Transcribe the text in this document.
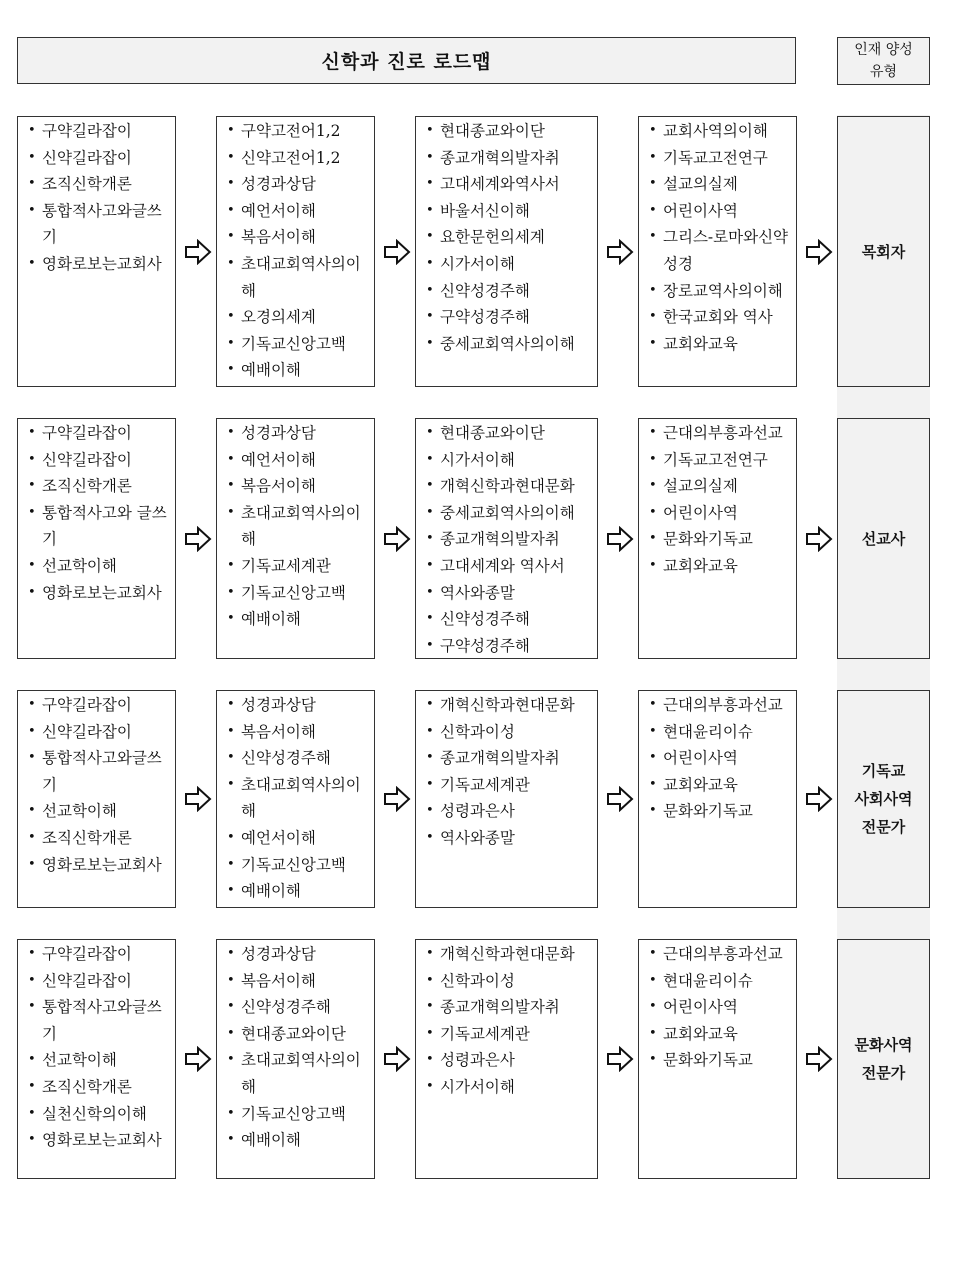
신학과 진로 로드맵
인재 양성
유형
• 구약길라잡이
• 신약길라잡이
• 조직신학개론
• 통합적사고와글쓰기
• 영화로보는교회사
• 구약고전어1,2
• 신약고전어1,2
• 성경과상담
• 예언서이해
• 복음서이해
• 초대교회역사의이해
• 오경의세계
• 기독교신앙고백
• 예배이해
• 현대종교와이단
• 종교개혁의발자취
• 고대세계와역사서
• 바울서신이해
• 요한문헌의세계
• 시가서이해
• 신약성경주해
• 구약성경주해
• 중세교회역사의이해
• 교회사역의이해
• 기독교고전연구
• 설교의실제
• 어린이사역
• 그리스-로마와신약성경
• 장로교역사의이해
• 한국교회와 역사
• 교회와교육
목회자
• 구약길라잡이
• 신약길라잡이
• 조직신학개론
• 통합적사고와 글쓰기
• 선교학이해
• 영화로보는교회사
• 성경과상담
• 예언서이해
• 복음서이해
• 초대교회역사의이해
• 기독교세계관
• 기독교신앙고백
• 예배이해
• 현대종교와이단
• 시가서이해
• 개혁신학과현대문화
• 중세교회역사의이해
• 종교개혁의발자취
• 고대세계와 역사서
• 역사와종말
• 신약성경주해
• 구약성경주해
• 근대의부흥과선교
• 기독교고전연구
• 설교의실제
• 어린이사역
• 문화와기독교
• 교회와교육
선교사
• 구약길라잡이
• 신약길라잡이
• 통합적사고와글쓰기
• 선교학이해
• 조직신학개론
• 영화로보는교회사
• 성경과상담
• 복음서이해
• 신약성경주해
• 초대교회역사의이해
• 예언서이해
• 기독교신앙고백
• 예배이해
• 개혁신학과현대문화
• 신학과이성
• 종교개혁의발자취
• 기독교세계관
• 성령과은사
• 역사와종말
• 근대의부흥과선교
• 현대윤리이슈
• 어린이사역
• 교회와교육
• 문화와기독교
기독교
사회사역
전문가
• 구약길라잡이
• 신약길라잡이
• 통합적사고와글쓰기
• 선교학이해
• 조직신학개론
• 실천신학의이해
• 영화로보는교회사
• 성경과상담
• 복음서이해
• 신약성경주해
• 현대종교와이단
• 초대교회역사의이해
• 기독교신앙고백
• 예배이해
• 개혁신학과현대문화
• 신학과이성
• 종교개혁의발자취
• 기독교세계관
• 성령과은사
• 시가서이해
• 근대의부흥과선교
• 현대윤리이슈
• 어린이사역
• 교회와교육
• 문화와기독교
문화사역
전문가
